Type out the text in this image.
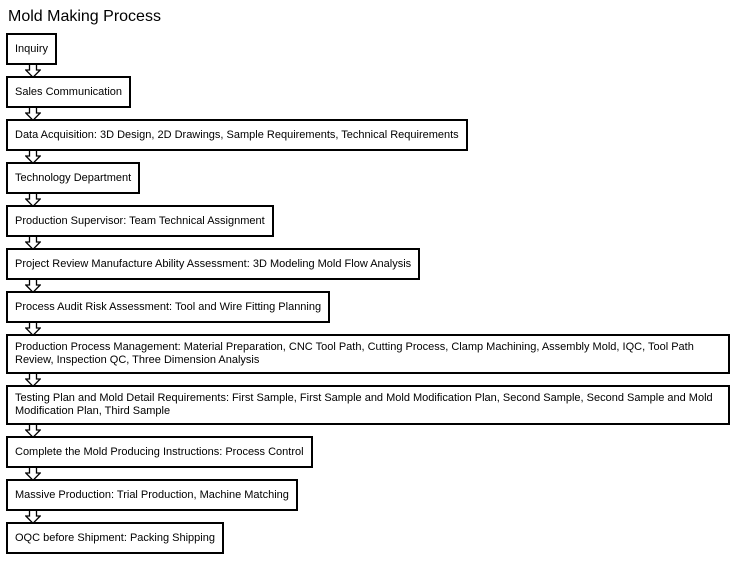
Mold Making Process
Inquiry
Sales Communication
Data Acquisition: 3D Design, 2D Drawings, Sample Requirements, Technical Requirements
Technology Department
Production Supervisor: Team Technical Assignment
Project Review Manufacture Ability Assessment: 3D Modeling Mold Flow Analysis
Process Audit Risk Assessment: Tool and Wire Fitting Planning
Production Process Management: Material Preparation, CNC Tool Path, Cutting Process, Clamp Machining, Assembly Mold, IQC, Tool Path Review, Inspection QC, Three Dimension Analysis
Testing Plan and Mold Detail Requirements: First Sample, First Sample and Mold Modification Plan, Second Sample, Second Sample and Mold Modification Plan, Third Sample
Complete the Mold Producing Instructions: Process Control
Massive Production: Trial Production, Machine Matching
OQC before Shipment: Packing Shipping
